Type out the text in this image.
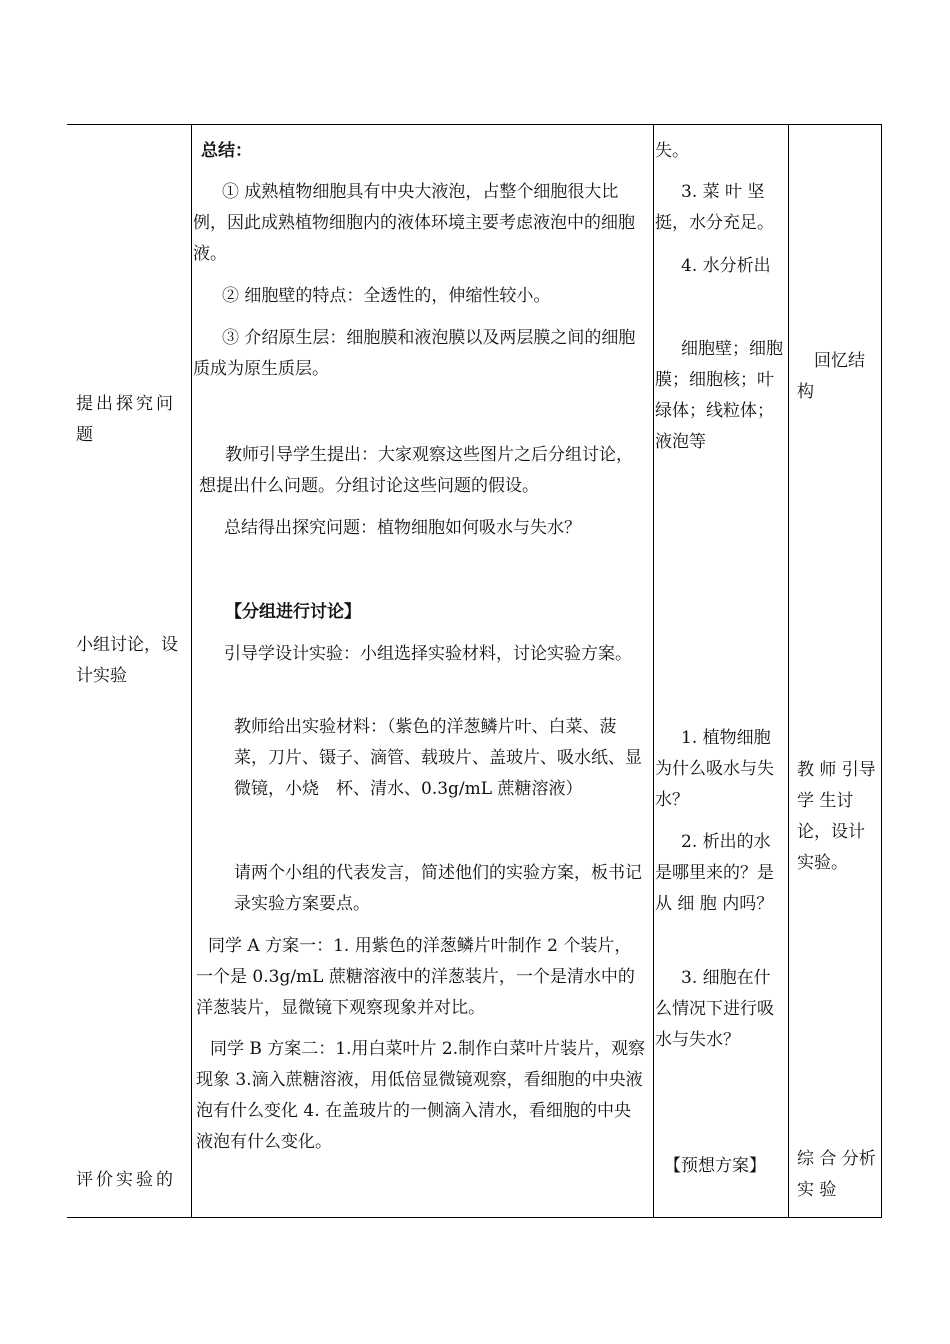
提出探究问题

小组讨论，设计实验

评价实验的

总结：

① 成熟植物细胞具有中央大液泡，占整个细胞很大比例，因此成熟植物细胞内的液体环境主要考虑液泡中的细胞液。

② 细胞壁的特点：全透性的，伸缩性较小。

③ 介绍原生层：细胞膜和液泡膜以及两层膜之间的细胞质成为原生质层。

教师引导学生提出：大家观察这些图片之后分组讨论，想提出什么问题。分组讨论这些问题的假设。

总结得出探究问题：植物细胞如何吸水与失水？

【分组进行讨论】

引导学设计实验：小组选择实验材料，讨论实验方案。

教师给出实验材料：（紫色的洋葱鳞片叶、白菜、菠菜，刀片、镊子、滴管、载玻片、盖玻片、吸水纸、显微镜，小烧　杯、清水、0.3g/mL 蔗糖溶液）

请两个小组的代表发言，简述他们的实验方案，板书记录实验方案要点。

同学 A 方案一：1. 用紫色的洋葱鳞片叶制作 2 个装片，一个是 0.3g/mL 蔗糖溶液中的洋葱装片，一个是清水中的洋葱装片，显微镜下观察现象并对比。

同学 B 方案二：1.用白菜叶片 2.制作白菜叶片装片，观察现象 3.滴入蔗糖溶液，用低倍显微镜观察，看细胞的中央液泡有什么变化 4. 在盖玻片的一侧滴入清水，看细胞的中央液泡有什么变化。

失。

3. 菜 叶 坚挺，水分充足。

4. 水分析出

细胞壁；细胞膜；细胞核；叶绿体；线粒体；液泡等

1. 植物细胞为什么吸水与失水？

2. 析出的水是哪里来的？是 从 细 胞 内吗？

3. 细胞在什么情况下进行吸水与失水？

【预想方案】

回忆结构

教 师 引导 学 生讨论，设计实验。

综 合 分析 实 验
